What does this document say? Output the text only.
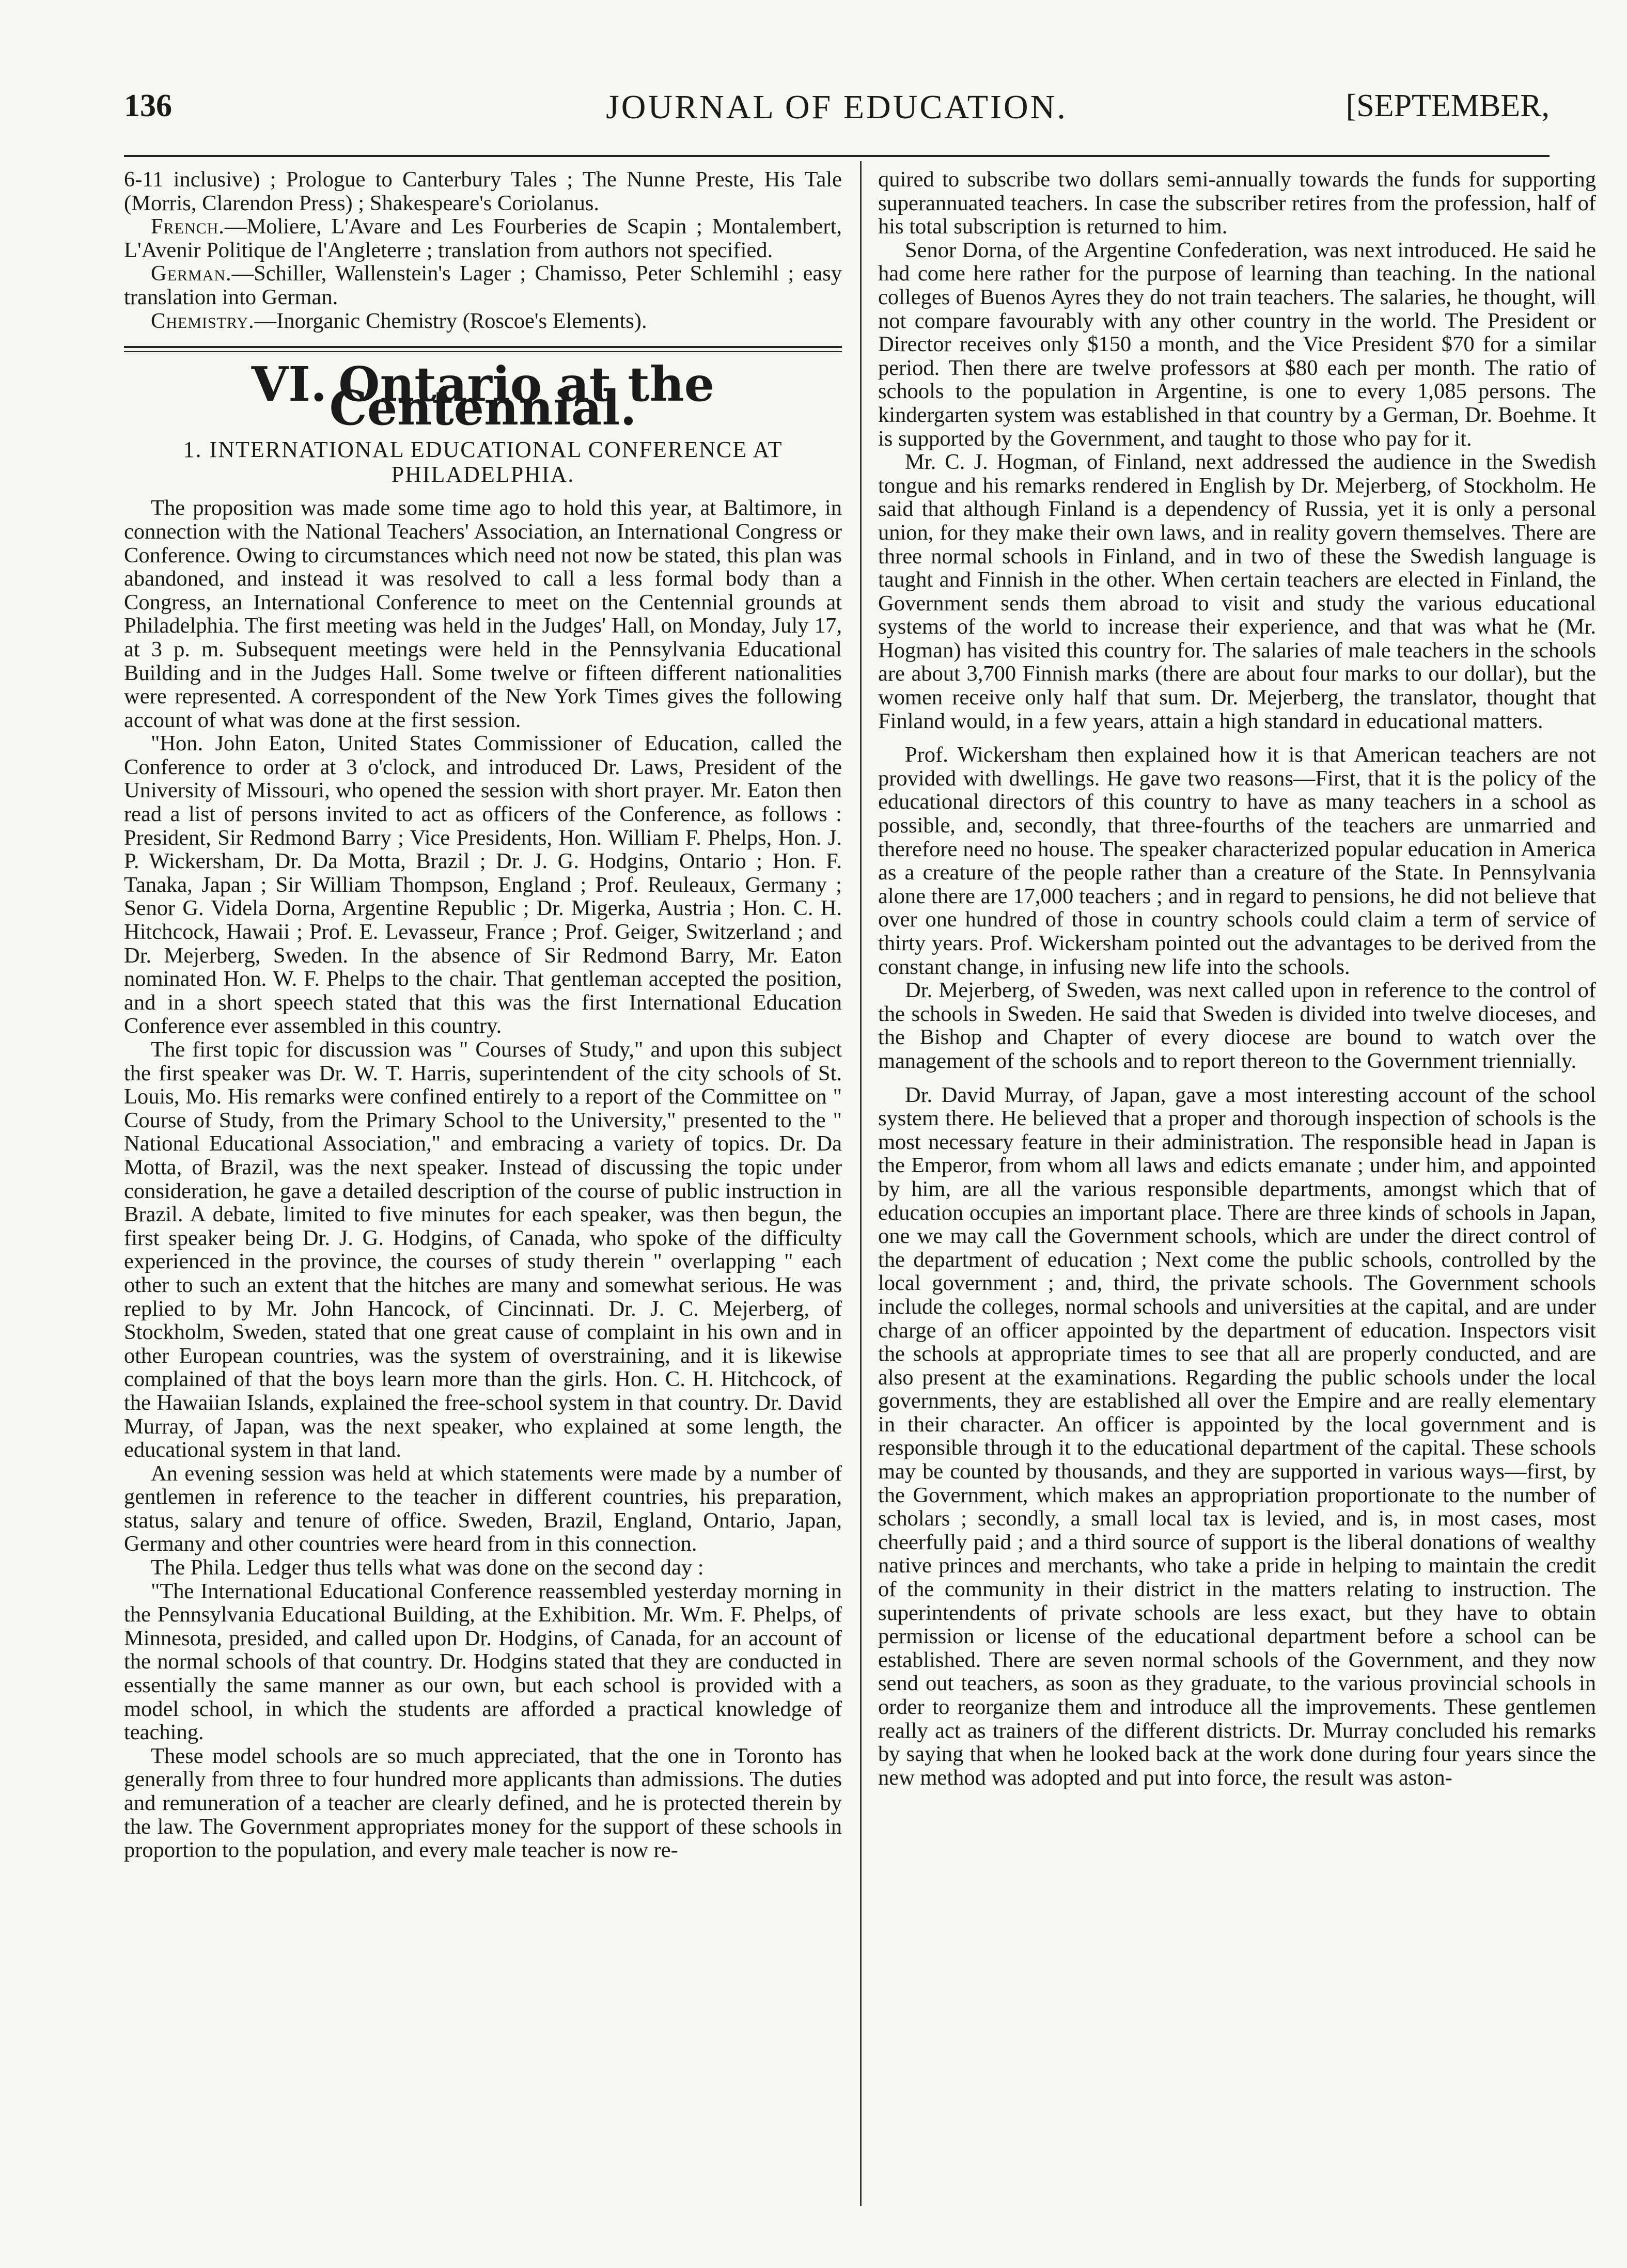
136	JOURNAL OF EDUCATION.	[SEPTEMBER,

6-11 inclusive) ; Prologue to Canterbury Tales ; The Nunne Preste, His Tale (Morris, Clarendon Press) ; Shakespeare's Coriolanus.

French.—Moliere, L'Avare and Les Fourberies de Scapin ; Montalembert, L'Avenir Politique de l'Angleterre ; translation from authors not specified.

German.—Schiller, Wallenstein's Lager ; Chamisso, Peter Schlemihl ; easy translation into German.

Chemistry.—Inorganic Chemistry (Roscoe's Elements).

VI. Ontario at the Centennial.
1. INTERNATIONAL EDUCATIONAL CONFERENCE AT PHILADELPHIA.

The proposition was made some time ago to hold this year, at Baltimore, in connection with the National Teachers' Association, an International Congress or Conference. Owing to circumstances which need not now be stated, this plan was abandoned, and instead it was resolved to call a less formal body than a Congress, an International Conference to meet on the Centennial grounds at Philadelphia. The first meeting was held in the Judges' Hall, on Monday, July 17, at 3 p. m. Subsequent meetings were held in the Pennsylvania Educational Building and in the Judges Hall. Some twelve or fifteen different nationalities were represented. A correspondent of the New York Times gives the following account of what was done at the first session.

"Hon. John Eaton, United States Commissioner of Education, called the Conference to order at 3 o'clock, and introduced Dr. Laws, President of the University of Missouri, who opened the session with short prayer. Mr. Eaton then read a list of persons invited to act as officers of the Conference, as follows : President, Sir Redmond Barry ; Vice Presidents, Hon. William F. Phelps, Hon. J. P. Wickersham, Dr. Da Motta, Brazil ; Dr. J. G. Hodgins, Ontario ; Hon. F. Tanaka, Japan ; Sir William Thompson, England ; Prof. Reuleaux, Germany ; Senor G. Videla Dorna, Argentine Republic ; Dr. Migerka, Austria ; Hon. C. H. Hitchcock, Hawaii ; Prof. E. Levasseur, France ; Prof. Geiger, Switzerland ; and Dr. Mejerberg, Sweden. In the absence of Sir Redmond Barry, Mr. Eaton nominated Hon. W. F. Phelps to the chair. That gentleman accepted the position, and in a short speech stated that this was the first International Education Conference ever assembled in this country.

The first topic for discussion was " Courses of Study," and upon this subject the first speaker was Dr. W. T. Harris, superintendent of the city schools of St. Louis, Mo. His remarks were confined entirely to a report of the Committee on " Course of Study, from the Primary School to the University," presented to the " National Educational Association," and embracing a variety of topics. Dr. Da Motta, of Brazil, was the next speaker. Instead of discussing the topic under consideration, he gave a detailed description of the course of public instruction in Brazil. A debate, limited to five minutes for each speaker, was then begun, the first speaker being Dr. J. G. Hodgins, of Canada, who spoke of the difficulty experienced in the province, the courses of study therein " overlapping " each other to such an extent that the hitches are many and somewhat serious. He was replied to by Mr. John Hancock, of Cincinnati. Dr. J. C. Mejerberg, of Stockholm, Sweden, stated that one great cause of complaint in his own and in other European countries, was the system of overstraining, and it is likewise complained of that the boys learn more than the girls. Hon. C. H. Hitchcock, of the Hawaiian Islands, explained the free-school system in that country. Dr. David Murray, of Japan, was the next speaker, who explained at some length, the educational system in that land.

An evening session was held at which statements were made by a number of gentlemen in reference to the teacher in different countries, his preparation, status, salary and tenure of office. Sweden, Brazil, England, Ontario, Japan, Germany and other countries were heard from in this connection.

The Phila. Ledger thus tells what was done on the second day :

"The International Educational Conference reassembled yesterday morning in the Pennsylvania Educational Building, at the Exhibition. Mr. Wm. F. Phelps, of Minnesota, presided, and called upon Dr. Hodgins, of Canada, for an account of the normal schools of that country. Dr. Hodgins stated that they are conducted in essentially the same manner as our own, but each school is provided with a model school, in which the students are afforded a practical knowledge of teaching.

These model schools are so much appreciated, that the one in Toronto has generally from three to four hundred more applicants than admissions. The duties and remuneration of a teacher are clearly defined, and he is protected therein by the law. The Government appropriates money for the support of these schools in proportion to the population, and every male teacher is now re-

quired to subscribe two dollars semi-annually towards the funds for supporting superannuated teachers. In case the subscriber retires from the profession, half of his total subscription is returned to him.

Senor Dorna, of the Argentine Confederation, was next introduced. He said he had come here rather for the purpose of learning than teaching. In the national colleges of Buenos Ayres they do not train teachers. The salaries, he thought, will not compare favourably with any other country in the world. The President or Director receives only $150 a month, and the Vice President $70 for a similar period. Then there are twelve professors at $80 each per month. The ratio of schools to the population in Argentine, is one to every 1,085 persons. The kindergarten system was established in that country by a German, Dr. Boehme. It is supported by the Government, and taught to those who pay for it.

Mr. C. J. Hogman, of Finland, next addressed the audience in the Swedish tongue and his remarks rendered in English by Dr. Mejerberg, of Stockholm. He said that although Finland is a dependency of Russia, yet it is only a personal union, for they make their own laws, and in reality govern themselves. There are three normal schools in Finland, and in two of these the Swedish language is taught and Finnish in the other. When certain teachers are elected in Finland, the Government sends them abroad to visit and study the various educational systems of the world to increase their experience, and that was what he (Mr. Hogman) has visited this country for. The salaries of male teachers in the schools are about 3,700 Finnish marks (there are about four marks to our dollar), but the women receive only half that sum. Dr. Mejerberg, the translator, thought that Finland would, in a few years, attain a high standard in educational matters.

Prof. Wickersham then explained how it is that American teachers are not provided with dwellings. He gave two reasons—First, that it is the policy of the educational directors of this country to have as many teachers in a school as possible, and, secondly, that three-fourths of the teachers are unmarried and therefore need no house. The speaker characterized popular education in America as a creature of the people rather than a creature of the State. In Pennsylvania alone there are 17,000 teachers ; and in regard to pensions, he did not believe that over one hundred of those in country schools could claim a term of service of thirty years. Prof. Wickersham pointed out the advantages to be derived from the constant change, in infusing new life into the schools.

Dr. Mejerberg, of Sweden, was next called upon in reference to the control of the schools in Sweden. He said that Sweden is divided into twelve dioceses, and the Bishop and Chapter of every diocese are bound to watch over the management of the schools and to report thereon to the Government triennially.

Dr. David Murray, of Japan, gave a most interesting account of the school system there. He believed that a proper and thorough inspection of schools is the most necessary feature in their administration. The responsible head in Japan is the Emperor, from whom all laws and edicts emanate ; under him, and appointed by him, are all the various responsible departments, amongst which that of education occupies an important place. There are three kinds of schools in Japan, one we may call the Government schools, which are under the direct control of the department of education ; Next come the public schools, controlled by the local government ; and, third, the private schools. The Government schools include the colleges, normal schools and universities at the capital, and are under charge of an officer appointed by the department of education. Inspectors visit the schools at appropriate times to see that all are properly conducted, and are also present at the examinations. Regarding the public schools under the local governments, they are established all over the Empire and are really elementary in their character. An officer is appointed by the local government and is responsible through it to the educational department of the capital. These schools may be counted by thousands, and they are supported in various ways—first, by the Government, which makes an appropriation proportionate to the number of scholars ; secondly, a small local tax is levied, and is, in most cases, most cheerfully paid ; and a third source of support is the liberal donations of wealthy native princes and merchants, who take a pride in helping to maintain the credit of the community in their district in the matters relating to instruction. The superintendents of private schools are less exact, but they have to obtain permission or license of the educational department before a school can be established. There are seven normal schools of the Government, and they now send out teachers, as soon as they graduate, to the various provincial schools in order to reorganize them and introduce all the improvements. These gentlemen really act as trainers of the different districts. Dr. Murray concluded his remarks by saying that when he looked back at the work done during four years since the new method was adopted and put into force, the result was aston-
